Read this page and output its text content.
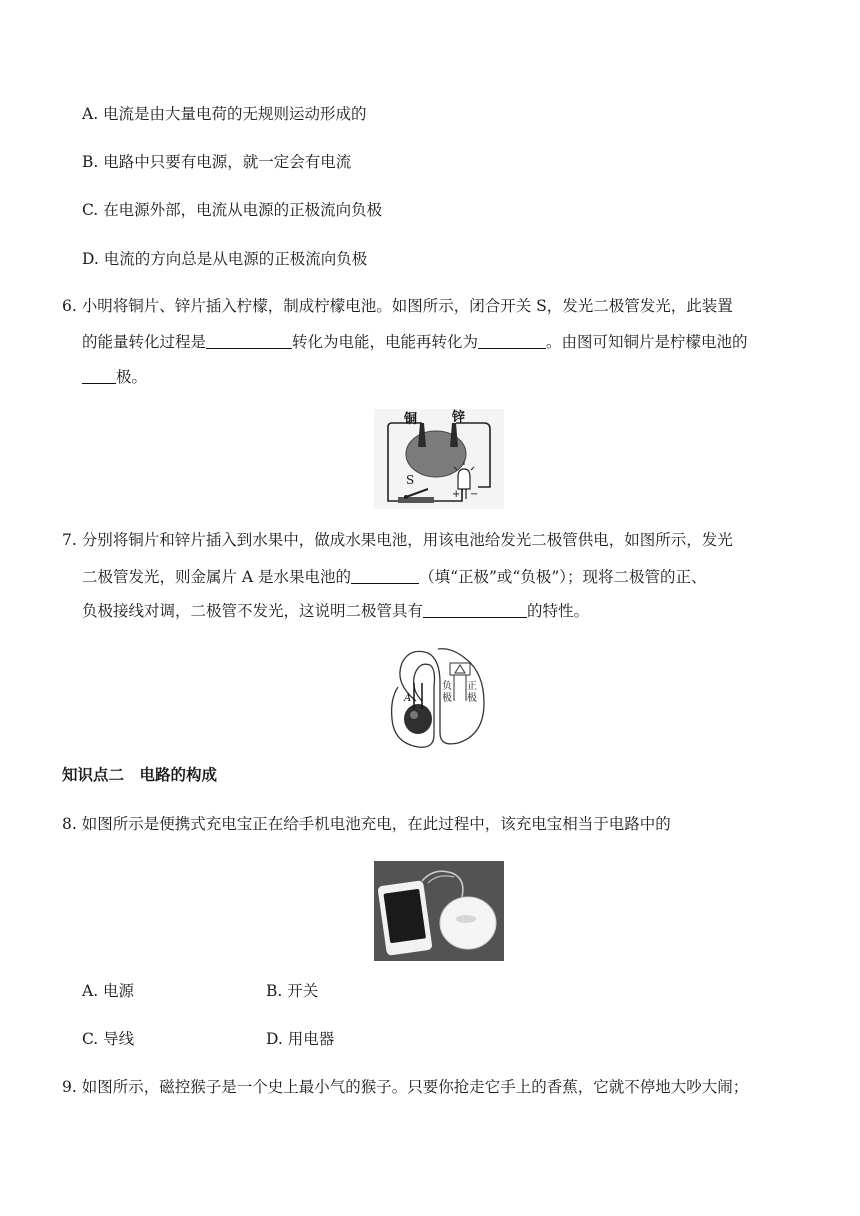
A. 电流是由大量电荷的无规则运动形成的
B. 电路中只要有电源，就一定会有电流
C. 在电源外部，电流从电源的正极流向负极
D. 电流的方向总是从电源的正极流向负极
6. 小明将铜片、锌片插入柠檬，制成柠檬电池。如图所示，闭合开关 S，发光二极管发光，此装置
的能量转化过程是	转化为电能，电能再转化为	。由图可知铜片是柠檬电池的
极。
铜	锌
S
+ −
7. 分别将铜片和锌片插入到水果中，做成水果电池，用该电池给发光二极管供电，如图所示，发光
二极管发光，则金属片 A 是水果电池的	（填“正极”或“负极”）；现将二极管的正、
负极接线对调，二极管不发光，这说明二极管具有	的特性。
负
极
正
极
A
知识点二　电路的构成
8. 如图所示是便携式充电宝正在给手机电池充电，在此过程中，该充电宝相当于电路中的
A. 电源	B. 开关
C. 导线	D. 用电器
9. 如图所示，磁控猴子是一个史上最小气的猴子。只要你抢走它手上的香蕉，它就不停地大吵大闹；
